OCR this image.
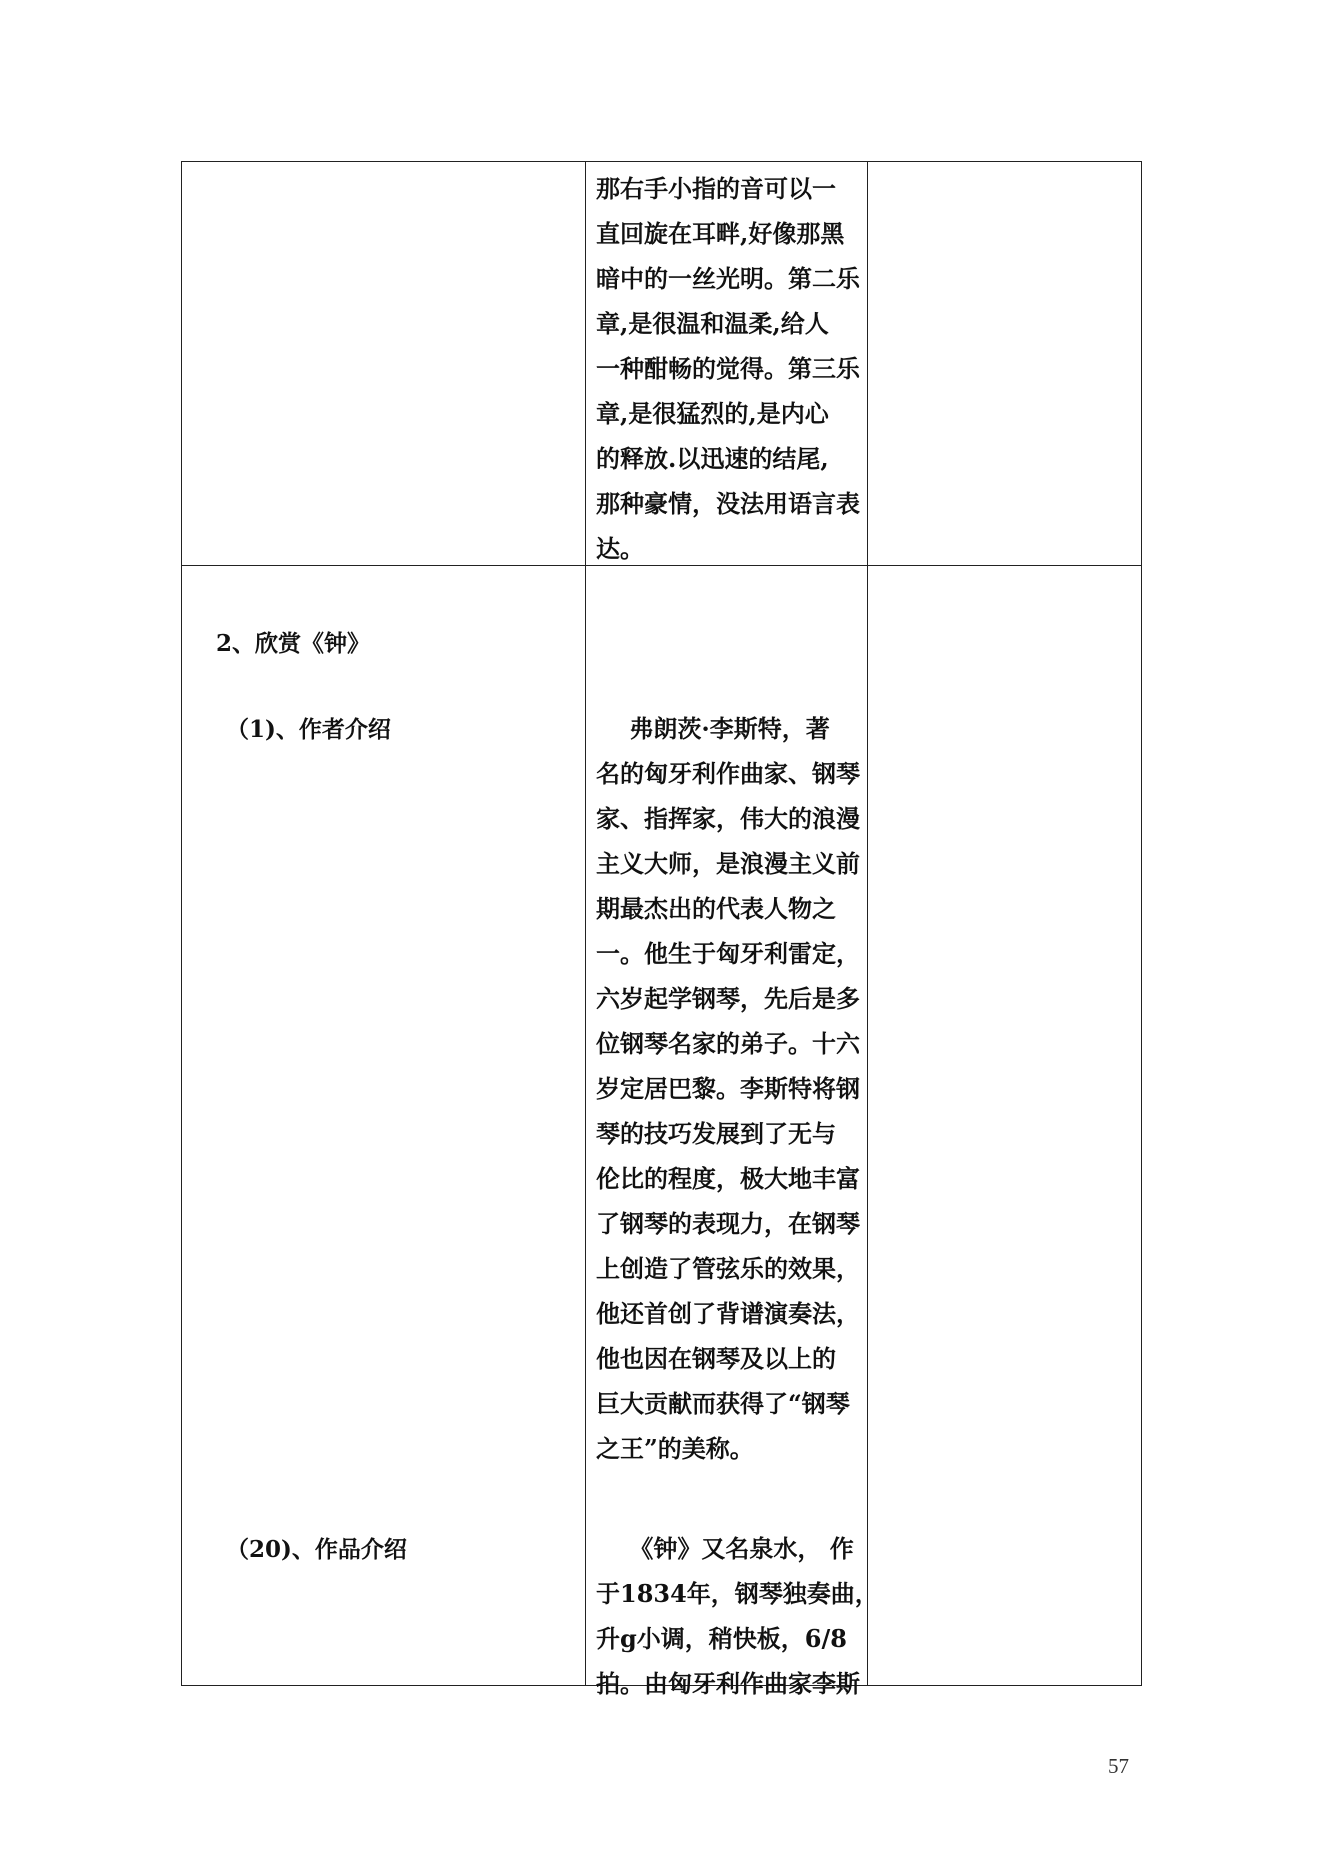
那右手小指的音可以一
直回旋在耳畔,好像那黑
暗中的一丝光明。第二乐
章,是很温和温柔,给人
一种酣畅的觉得。第三乐
章,是很猛烈的,是内心
的释放.以迅速的结尾,
那种豪情，没法用语言表
达。
2、欣赏《钟》
（1)、作者介绍	弗朗茨·李斯特，著
名的匈牙利作曲家、钢琴
家、指挥家，伟大的浪漫
主义大师，是浪漫主义前
期最杰出的代表人物之
一。他生于匈牙利雷定，
六岁起学钢琴，先后是多
位钢琴名家的弟子。十六
岁定居巴黎。李斯特将钢
琴的技巧发展到了无与
伦比的程度，极大地丰富
了钢琴的表现力，在钢琴
上创造了管弦乐的效果，
他还首创了背谱演奏法，
他也因在钢琴及以上的
巨大贡献而获得了“钢琴
之王”的美称。
（20)、作品介绍	《钟》又名泉水， 作
于1834年，钢琴独奏曲，
升g小调，稍快板，6/8
拍。由匈牙利作曲家李斯
57
